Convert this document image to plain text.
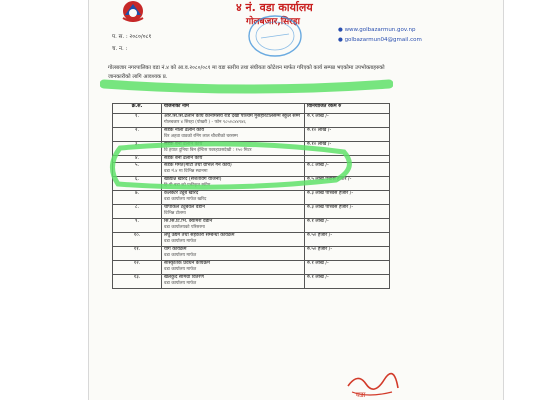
४ नं. वडा कार्यालय
गोलबजार,सिरहा
प. स. : २०८०/०८१
च. न. :
● www.golbazarmun.gov.np
● golbazarmun04@gmail.com
गोलबजार नगरपालिका वडा नं.४ को आ.व.२०८०/०८१ मा वडा स्तरीय तथा संघीयता कोटेशन मार्फत गरिएको कार्य सम्पन्न भएकोमा उपभोक्ताहरुको जानकारीको लागि आवश्यक प्र.
क्र.स.	योजनाको नाम	विनियोजित रकम रु
१.	आर.सि.सि.ढलान कार्य कानामसय रोड देखी पश्चिम मुसहरिटोलसम्म स्कुल सम्म
गोलबजार ४ सिरहा (पोखरी ) - फोन ९८५२८४४९४६	रु.९ लाख /-
२.	सडक नाली ढलान कार्य
विर अहवा वाडको रनिंग लाल चौधरीको घरसम्म	रु.१० लाख /-
३.	सडक बनी ढलान कार्य
वि हयात दुनिया बिन ईन्टिस पवरहाउसदेखी : १५० मिटर	रु.१० लाख /-
४.	सडक बनी ढलान कार्य	
५.	सडक मर्मत(माटो तथा ग्राभल गर्ने कार्य)
वडा नं.४ मा विभिन्न स्थानमा	रु.८ लाख /-
६.	खाद्यान्न खरिद (सशर्तविंग योजना)
हि.पी.बडा को एकीकृत स्कीम	रु.५ लाख पचास हजार /-
७.	कलेक्टर ट्युब खरिद
वडा कार्यालय मार्फत खरिद	रु.३ लाख पच्चिस हजार /-
८.	चापाकल ट्युबवेल वडान
विभिन्न टोलमा	रु.३ लाख पच्चिस हजार /-
९.	सि.सि.टि.भि. क्यामरा वडान
वडा कार्यालयको परिसरमा	रु.१ लाख /-
१०.	लघु उद्यम तथा सहकारी सम्बन्धी कार्यक्रम
वडा कार्यालय मार्फत	रु.५० हजार /-
११.	योग कार्यक्रम
वडा कार्यालय मार्फत	रु.५० हजार /-
१२.	सांस्कृतिक प्रवर्धन कार्यक्रम
वडा कार्यालय मार्फत	रु.१ लाख /-
१३.	खेलकुद सामग्री वितरण
वडा कार्यालय मार्फत	रु.१ लाख /-
वडा
